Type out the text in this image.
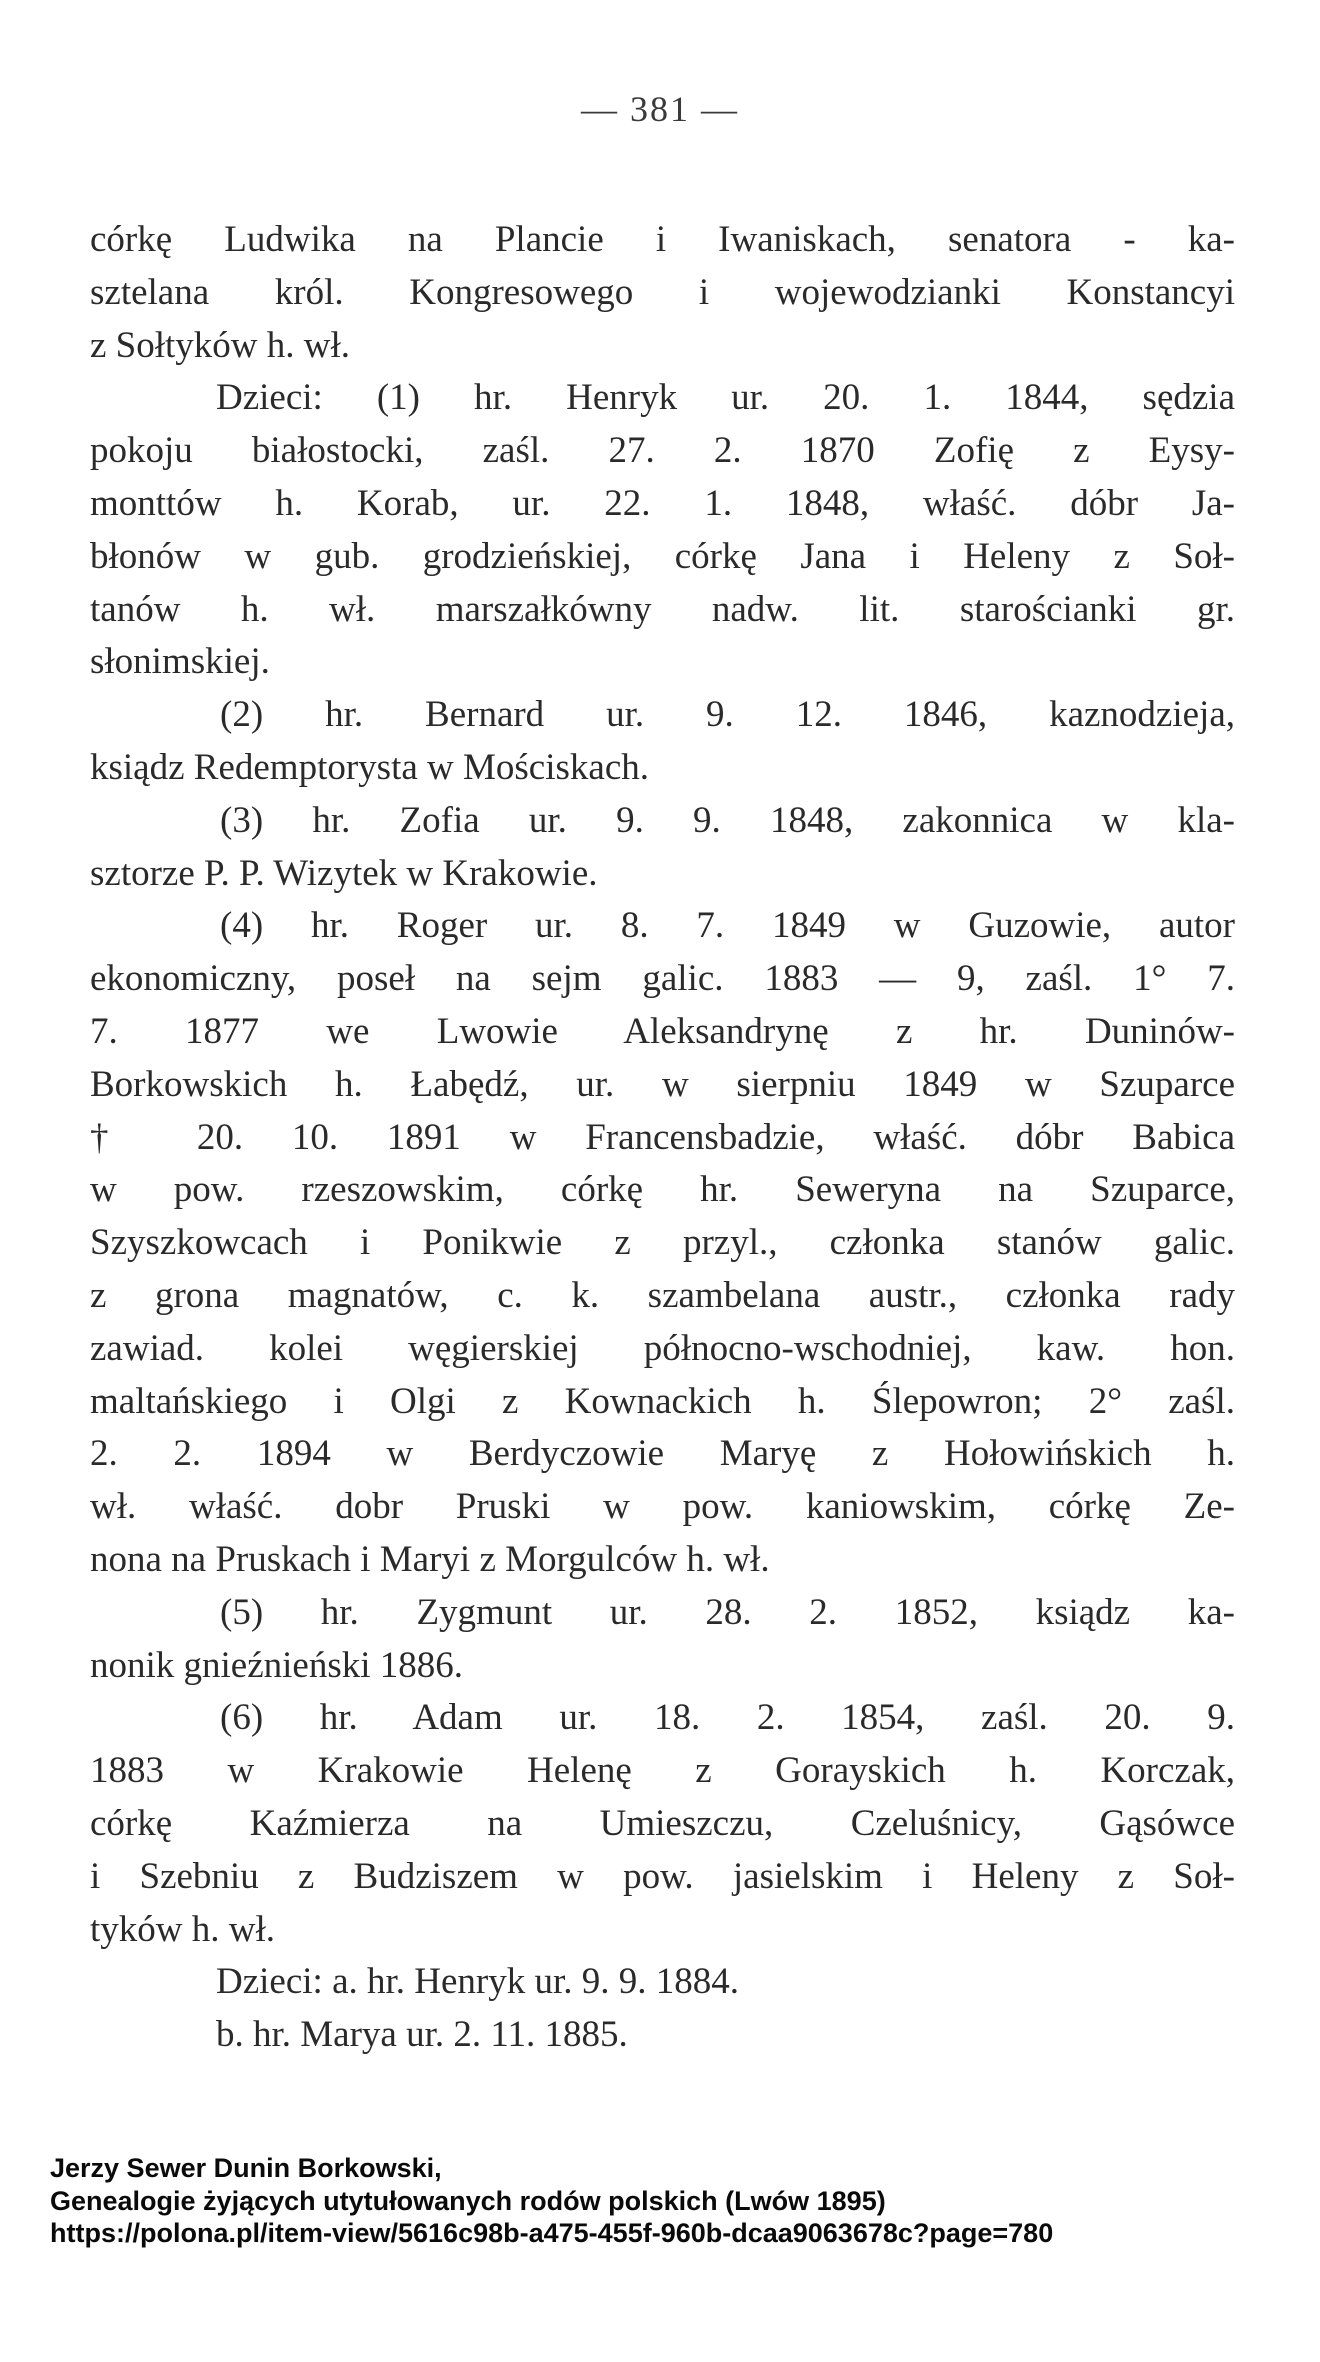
— 381 —
córkę Ludwika na Plancie i Iwaniskach, senatora - ka-
sztelana król. Kongresowego i wojewodzianki Konstancyi
z Sołtyków h. wł.
Dzieci: (1) hr. Henryk ur. 20. 1. 1844, sędzia
pokoju białostocki, zaśl. 27. 2. 1870 Zofię z Eysy-
monttów h. Korab, ur. 22. 1. 1848, właść. dóbr Ja-
błonów w gub. grodzieńskiej, córkę Jana i Heleny z Soł-
tanów h. wł. marszałkówny nadw. lit. starościanki gr.
słonimskiej.
(2) hr. Bernard ur. 9. 12. 1846, kaznodzieja,
ksiądz Redemptorysta w Mościskach.
(3) hr. Zofia ur. 9. 9. 1848, zakonnica w kla-
sztorze P. P. Wizytek w Krakowie.
(4) hr. Roger ur. 8. 7. 1849 w Guzowie, autor
ekonomiczny, poseł na sejm galic. 1883 — 9, zaśl. 1° 7.
7. 1877 we Lwowie Aleksandrynę z hr. Duninów-
Borkowskich h. Łabędź, ur. w sierpniu 1849 w Szuparce
† 20. 10. 1891 w Francensbadzie, właść. dóbr Babica
w pow. rzeszowskim, córkę hr. Seweryna na Szuparce,
Szyszkowcach i Ponikwie z przyl., członka stanów galic.
z grona magnatów, c. k. szambelana austr., członka rady
zawiad. kolei węgierskiej północno-wschodniej, kaw. hon.
maltańskiego i Olgi z Kownackich h. Ślepowron; 2° zaśl.
2. 2. 1894 w Berdyczowie Maryę z Hołowińskich h.
wł. właść. dobr Pruski w pow. kaniowskim, córkę Ze-
nona na Pruskach i Maryi z Morgulców h. wł.
(5) hr. Zygmunt ur. 28. 2. 1852, ksiądz ka-
nonik gnieźnieński 1886.
(6) hr. Adam ur. 18. 2. 1854, zaśl. 20. 9.
1883 w Krakowie Helenę z Gorayskich h. Korczak,
córkę Kaźmierza na Umieszczu, Czeluśnicy, Gąsówce
i Szebniu z Budziszem w pow. jasielskim i Heleny z Soł-
tyków h. wł.
Dzieci: a. hr. Henryk ur. 9. 9. 1884.
b. hr. Marya ur. 2. 11. 1885.
Jerzy Sewer Dunin Borkowski,
Genealogie żyjących utytułowanych rodów polskich (Lwów 1895)
https://polona.pl/item-view/5616c98b-a475-455f-960b-dcaa9063678c?page=780
